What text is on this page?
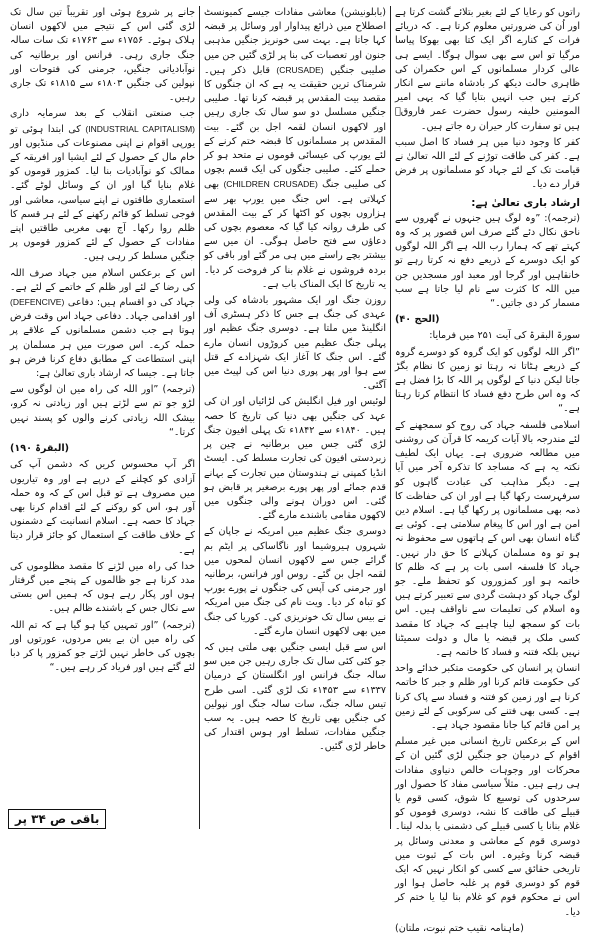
راتوں کو رعایا کے لئے بغیر بتلائے گشت کرتا ہے اور اُن کی ضرورتیں معلوم کرتا ہے۔ کہ دریائے فرات کے کنارے اگر ایک کتا بھی بھوکا پیاسا مرگیا تو اس سے بھی سوال ہوگا۔ ایسے ہی عالی کردار مسلمانوں کے اس حکمران کی ظاہری حالت دیکھ کر بادشاہ ماننے سے انکار کرتے ہیں جب انہیں بتایا گیا کہ یہی امیر المومنین خلیفہ رسول حضرت عمر فاروقؓ ہیں تو سفارت کار حیران رہ جاتے ہیں۔

کفر کا وجود دنیا میں ہر فساد کا اصل سبب ہے۔ کفر کی طاقت توڑنے کے لئے اللہ تعالیٰ نے قیامت تک کے لئے جہاد کو مسلمانوں پر فرض قرار دے دیا۔

ارشاد باری تعالیٰ ہے:

(ترجمہ): ”وہ لوگ ہیں جنہوں نے گھروں سے ناحق نکال دئے گئے صرف اس قصور پر کہ وہ کہتے تھے کہ ہمارا رب اللہ ہے اگر اللہ لوگوں کو ایک دوسرے کے ذریعے دفع نہ کرتا رہے تو خانقاہیں اور گرجا اور معبد اور مسجدیں جن میں اللہ کا کثرت سے نام لیا جاتا ہے سب مسمار کر دی جاتیں۔“

(الحج ۴۰)

سورۃ البقرۃ کی آیت ۲۵۱ میں فرمایا:

”اگر اللہ لوگوں کو ایک گروہ کو دوسرے گروہ کے ذریعے ہٹاتا نہ رہتا تو زمین کا نظام بگڑ جاتا لیکن دنیا کے لوگوں پر اللہ کا بڑا فضل ہے کہ وہ اس طرح دفع فساد کا انتظام کرتا رہتا ہے۔“

اسلامی فلسفہ جہاد کی روح کو سمجھنے کے لئے مندرجہ بالا آیات کریمہ کا قرآن کی روشنی میں مطالعہ ضروری ہے۔ یہاں ایک لطیف نکتہ یہ ہے کہ مساجد کا تذکرہ آخر میں آیا ہے۔ دیگر مذاہب کی عبادت گاہوں کو سرفہرست رکھا گیا ہے اور ان کی حفاظت کا ذمہ بھی مسلمانوں پر رکھا گیا ہے۔ اسلام دین امن ہے اور اس کا پیغام سلامتی ہے۔ کوئی بے گناہ انسان بھی اس کے ہاتھوں سے محفوظ نہ ہو تو وہ مسلمان کہلانے کا حق دار نہیں۔ جہاد کا فلسفہ اسی بات پر ہے کہ ظلم کا خاتمہ ہو اور کمزوروں کو تحفظ ملے۔ جو لوگ جہاد کو دہشت گردی سے تعبیر کرتے ہیں وہ اسلام کی تعلیمات سے ناواقف ہیں۔ اس بات کو سمجھ لینا چاہیے کہ جہاد کا مقصد کسی ملک پر قبضہ یا مال و دولت سمیٹنا نہیں بلکہ فتنہ و فساد کا خاتمہ ہے۔

انسان پر انسان کی حکومت متکبر خدائے واحد کی حکومت قائم کرنا اور ظلم و جبر کا خاتمہ کرنا ہے اور زمین کو فتنہ و فساد سے پاک کرنا ہے۔ کسی بھی فتنے کی سرکوبی کے لئے زمین پر امن قائم کیا جانا مقصود جہاد ہے۔

اس کے برعکس تاریخ انسانی میں غیر مسلم اقوام کے درمیان جو جنگیں لڑی گئیں ان کے محرکات اور وجوہات خالص دنیاوی مفادات ہی رہے ہیں۔ مثلاً سیاسی مفاد کا حصول اور سرحدوں کی توسیع کا شوق، کسی قوم یا قبیلے کی طاقت کا نشہ، دوسری قوموں کو غلام بنانا یا کسی قبیلے کی دشمنی یا بدلہ لینا۔ دوسری قوم کے معاشی و معدنی وسائل پر قبضہ کرنا وغیرہ۔ اس بات کے ثبوت میں تاریخی حقائق سے کسی کو انکار نہیں کہ ایک قوم کو دوسری قوم پر غلبہ حاصل ہوا اور اس نے محکوم قوم کو غلام بنا لیا یا ختم کر دیا۔

(ماہنامہ نقیب ختم نبوت، ملتان)

(بابلونیشن) معاشی مفادات جیسے کمیونسٹ اصطلاح میں ذرائع پیداوار اور وسائل پر قبضہ کہا جاتا ہے۔ بہت سی خونریز جنگیں مذہبی جنون اور تعصبات کی بنا پر لڑی گئیں جن میں صلیبی جنگیں (CRUSADE) قابل ذکر ہیں۔ شرمناک ترین حقیقت یہ ہے کہ ان جنگوں کا مقصد بیت المقدس پر قبضہ کرنا تھا۔ صلیبی جنگیں مسلسل دو سو سال تک جاری رہیں اور لاکھوں انسان لقمہ اجل بن گئے۔ بیت المقدس پر مسلمانوں کا قبضہ ختم کرنے کے لئے یورپ کی عیسائی قوموں نے متحد ہو کر حملے کئے۔ صلیبی جنگوں کی ایک قسم بچوں کی صلیبی جنگ (CHILDREN CRUSADE) بھی کہلاتی ہے۔ اس جنگ میں یورپ بھر سے ہزاروں بچوں کو اکٹھا کر کے بیت المقدس کی طرف روانہ کیا گیا کہ معصوم بچوں کی دعاؤں سے فتح حاصل ہوگی۔ ان میں سے بیشتر بچے راستے میں ہی مر گئے اور باقی کو بردہ فروشوں نے غلام بنا کر فروخت کر دیا۔ یہ تاریخ کا ایک المناک باب ہے۔

روزن جنگ اور ایک مشہور بادشاہ کی ولی عہدی کی جنگ ہے جس کا ذکر ہسٹری آف انگلینڈ میں ملتا ہے۔ دوسری جنگ عظیم اور پہلی جنگ عظیم میں کروڑوں انسان مارے گئے۔ اس جنگ کا آغاز ایک شہزادے کے قتل سے ہوا اور پھر پوری دنیا اس کی لپیٹ میں آگئی۔

لوئیس اور فیل انگلیش کی لڑائیاں اور ان کی عہد کی جنگیں بھی دنیا کی تاریخ کا حصہ ہیں۔ ۱۸۴۰ء سے ۱۸۴۲ء تک پہلی افیون جنگ لڑی گئی جس میں برطانیہ نے چین پر زبردستی افیون کی تجارت مسلط کی۔ ایسٹ انڈیا کمپنی نے ہندوستان میں تجارت کے بہانے قدم جمائے اور پھر پورے برصغیر پر قابض ہو گئی۔ اس دوران ہونے والی جنگوں میں لاکھوں مقامی باشندے مارے گئے۔

دوسری جنگ عظیم میں امریکہ نے جاپان کے شہروں ہیروشیما اور ناگاساکی پر ایٹم بم گرائے جس سے لاکھوں انسان لمحوں میں لقمہ اجل بن گئے۔ روس اور فرانس، برطانیہ اور جرمنی کی آپس کی جنگوں نے پورے یورپ کو تباہ کر دیا۔ ویت نام کی جنگ میں امریکہ نے بیس سال تک خونریزی کی۔ کوریا کی جنگ میں بھی لاکھوں انسان مارے گئے۔

اس سے قبل ایسی جنگیں بھی ملتی ہیں کہ جو کئی کئی سال تک جاری رہیں جن میں سو سالہ جنگ فرانس اور انگلستان کے درمیان ۱۳۳۷ء سے ۱۴۵۳ء تک لڑی گئی۔ اسی طرح تیس سالہ جنگ، سات سالہ جنگ اور نپولین کی جنگیں بھی تاریخ کا حصہ ہیں۔ یہ سب جنگیں مفادات، تسلط اور ہوس اقتدار کی خاطر لڑی گئیں۔

جانے پر شروع ہوئی اور تقریباً تین سال تک لڑی گئی اس کے نتیجے میں لاکھوں انسان ہلاک ہوئے۔ ۱۷۵۶ء سے ۱۷۶۳ء تک سات سالہ جنگ جاری رہی۔ فرانس اور برطانیہ کی نوآبادیاتی جنگیں، جرمنی کی فتوحات اور نپولین کی جنگیں ۱۸۰۳ء سے ۱۸۱۵ء تک جاری رہیں۔

جب صنعتی انقلاب کے بعد سرمایہ داری (INDUSTRIAL CAPITALISM) کی ابتدا ہوئی تو یورپی اقوام نے اپنی مصنوعات کی منڈیوں اور خام مال کے حصول کے لئے ایشیا اور افریقہ کے ممالک کو نوآبادیات بنا لیا۔ کمزور قوموں کو غلام بنایا گیا اور ان کے وسائل لوٹے گئے۔ استعماری طاقتوں نے اپنے سیاسی، معاشی اور فوجی تسلط کو قائم رکھنے کے لئے ہر قسم کا ظلم روا رکھا۔ آج بھی مغربی طاقتیں اپنے مفادات کے حصول کے لئے کمزور قوموں پر جنگیں مسلط کر رہی ہیں۔

اس کے برعکس اسلام میں جہاد صرف اللہ کی رضا کے لئے اور ظلم کے خاتمے کے لئے ہے۔ جہاد کی دو اقسام ہیں: دفاعی (DEFENCIVE) اور اقدامی جہاد۔ دفاعی جہاد اس وقت فرض ہوتا ہے جب دشمن مسلمانوں کے علاقے پر حملہ کرے۔ اس صورت میں ہر مسلمان پر اپنی استطاعت کے مطابق دفاع کرنا فرض ہو جاتا ہے۔ جیسا کہ ارشاد باری تعالیٰ ہے:

(ترجمہ) ”اور اللہ کی راہ میں ان لوگوں سے لڑو جو تم سے لڑتے ہیں اور زیادتی نہ کرو، بیشک اللہ زیادتی کرنے والوں کو پسند نہیں کرتا۔“

(البقرۃ ۱۹۰)

اگر آپ محسوس کریں کہ دشمن آپ کی آزادی کو کچلنے کے درپے ہے اور وہ تیاریوں میں مصروف ہے تو قبل اس کے کہ وہ حملہ آور ہو، اس کو روکنے کے لئے اقدام کرنا بھی جہاد کا حصہ ہے۔ اسلام انسانیت کے دشمنوں کے خلاف طاقت کے استعمال کو جائز قرار دیتا ہے۔

خدا کی راہ میں لڑنے کا مقصد مظلوموں کی مدد کرنا ہے جو ظالموں کے پنجے میں گرفتار ہوں اور پکار رہے ہوں کہ ہمیں اس بستی سے نکال جس کے باشندے ظالم ہیں۔

(ترجمہ) ”اور تمہیں کیا ہو گیا ہے کہ تم اللہ کی راہ میں ان بے بس مردوں، عورتوں اور بچوں کی خاطر نہیں لڑتے جو کمزور پا کر دبا لئے گئے ہیں اور فریاد کر رہے ہیں۔“

باقی ص ۳۴ پر
